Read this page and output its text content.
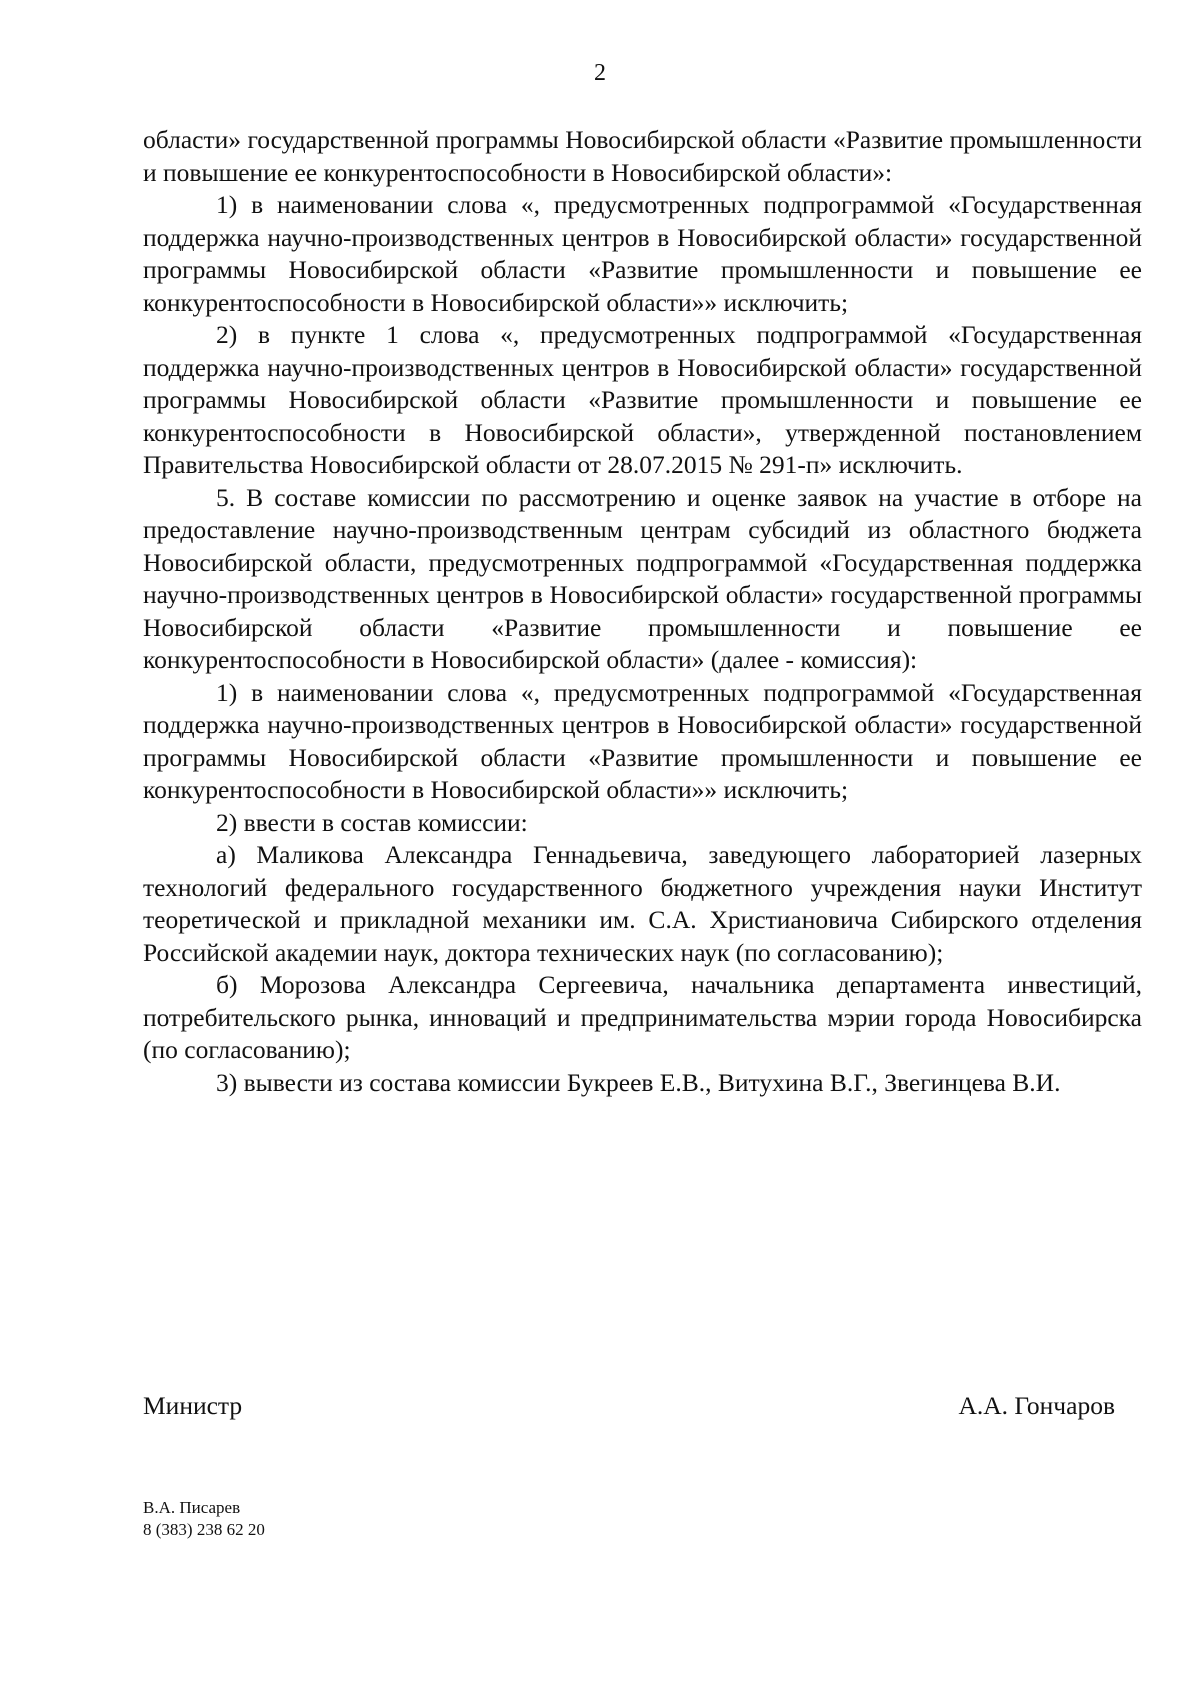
2

области» государственной программы Новосибирской области «Развитие промышленности и повышение ее конкурентоспособности в Новосибирской области»:

1) в наименовании слова «, предусмотренных подпрограммой «Государственная поддержка научно-производственных центров в Новосибирской области» государственной программы Новосибирской области «Развитие промышленности и повышение ее конкурентоспособности в Новосибирской области»» исключить;

2) в пункте 1 слова «, предусмотренных подпрограммой «Государственная поддержка научно-производственных центров в Новосибирской области» государственной программы Новосибирской области «Развитие промышленности и повышение ее конкурентоспособности в Новосибирской области», утвержденной постановлением Правительства Новосибирской области от 28.07.2015 № 291-п» исключить.

5. В составе комиссии по рассмотрению и оценке заявок на участие в отборе на предоставление научно-производственным центрам субсидий из областного бюджета Новосибирской области, предусмотренных подпрограммой «Государственная поддержка научно-производственных центров в Новосибирской области» государственной программы Новосибирской области «Развитие промышленности и повышение ее конкурентоспособности в Новосибирской области» (далее - комиссия):

1) в наименовании слова «, предусмотренных подпрограммой «Государственная поддержка научно-производственных центров в Новосибирской области» государственной программы Новосибирской области «Развитие промышленности и повышение ее конкурентоспособности в Новосибирской области»» исключить;

2) ввести в состав комиссии:

а) Маликова Александра Геннадьевича, заведующего лабораторией лазерных технологий федерального государственного бюджетного учреждения науки Институт теоретической и прикладной механики им. С.А. Христиановича Сибирского отделения Российской академии наук, доктора технических наук (по согласованию);

б) Морозова Александра Сергеевича, начальника департамента инвестиций, потребительского рынка, инноваций и предпринимательства мэрии города Новосибирска (по согласованию);

3) вывести из состава комиссии Букреев Е.В., Витухина В.Г., Звегинцева В.И.

Министр	А.А. Гончаров
В.А. Писарев
8 (383) 238 62 20
